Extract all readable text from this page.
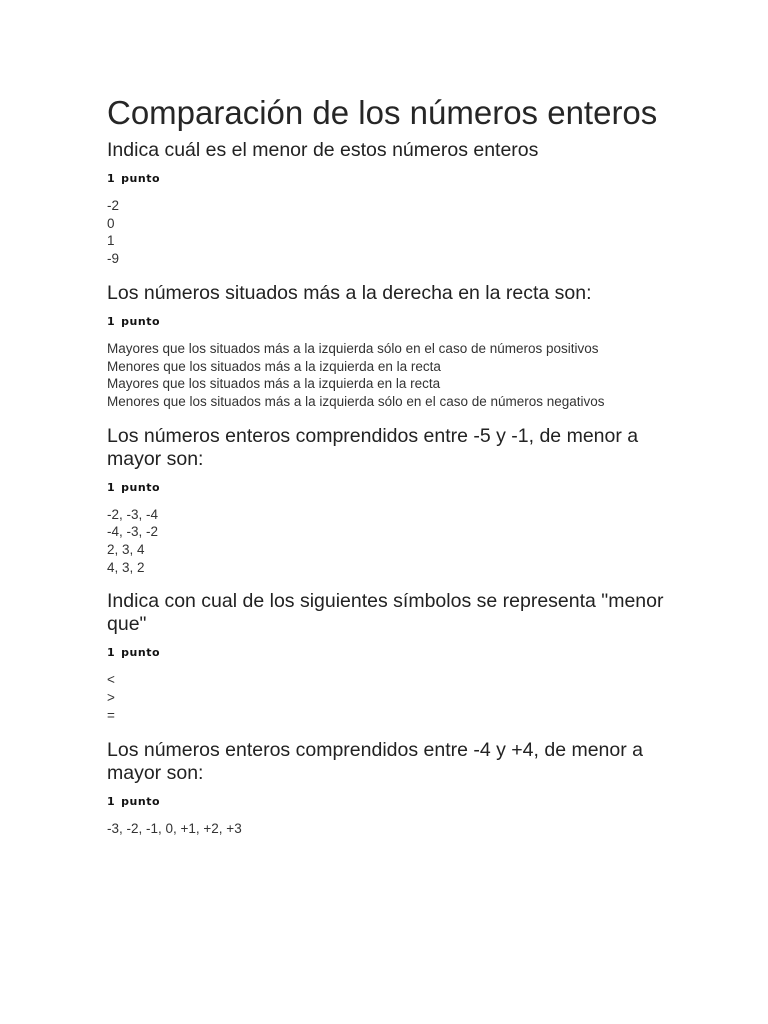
Comparación de los números enteros
Indica cuál es el menor de estos números enteros
1 punto
-2
0
1
-9
Los números situados más a la derecha en la recta son:
1 punto
Mayores que los situados más a la izquierda sólo en el caso de números positivos
Menores que los situados más a la izquierda en la recta
Mayores que los situados más a la izquierda en la recta
Menores que los situados más a la izquierda sólo en el caso de números negativos
Los números enteros comprendidos entre -5 y -1, de menor a mayor son:
1 punto
-2, -3, -4
-4, -3, -2
2, 3, 4
4, 3, 2
Indica con cual de los siguientes símbolos se representa "menor que"
1 punto
<
>
=
Los números enteros comprendidos entre -4 y +4, de menor a mayor son:
1 punto
-3, -2, -1, 0, +1, +2, +3
